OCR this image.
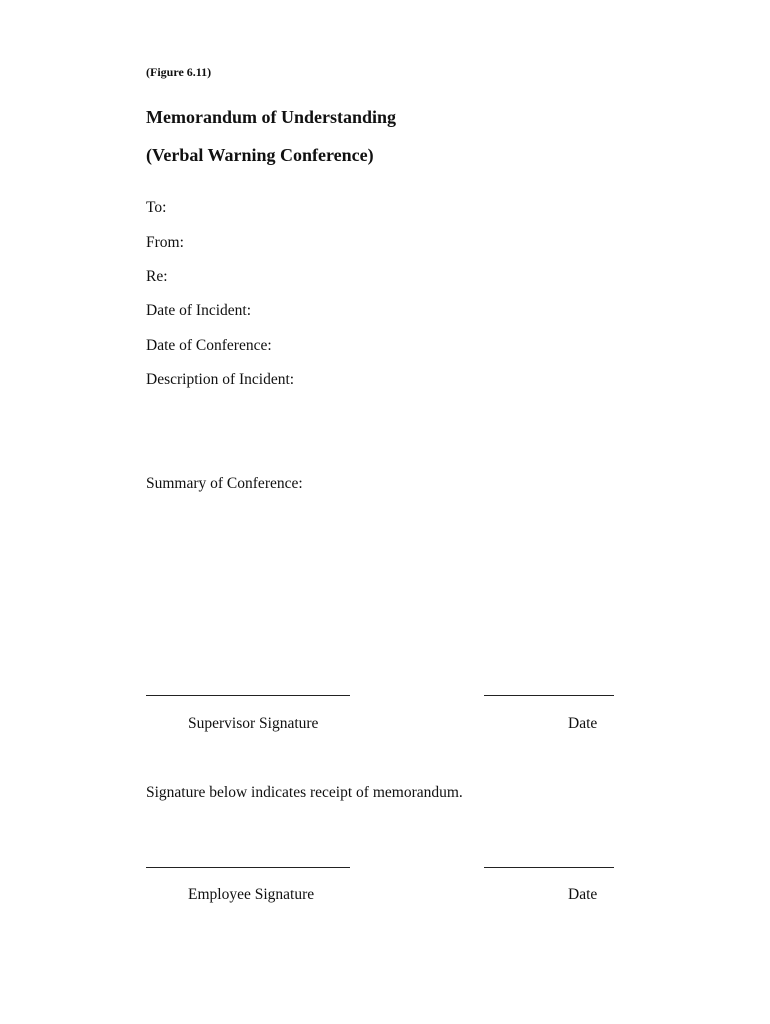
(Figure 6.11)
Memorandum of Understanding
(Verbal Warning Conference)
To:
From:
Re:
Date of Incident:
Date of Conference:
Description of Incident:
Summary of Conference:
Supervisor Signature	Date
Signature below indicates receipt of memorandum.
Employee Signature	Date
